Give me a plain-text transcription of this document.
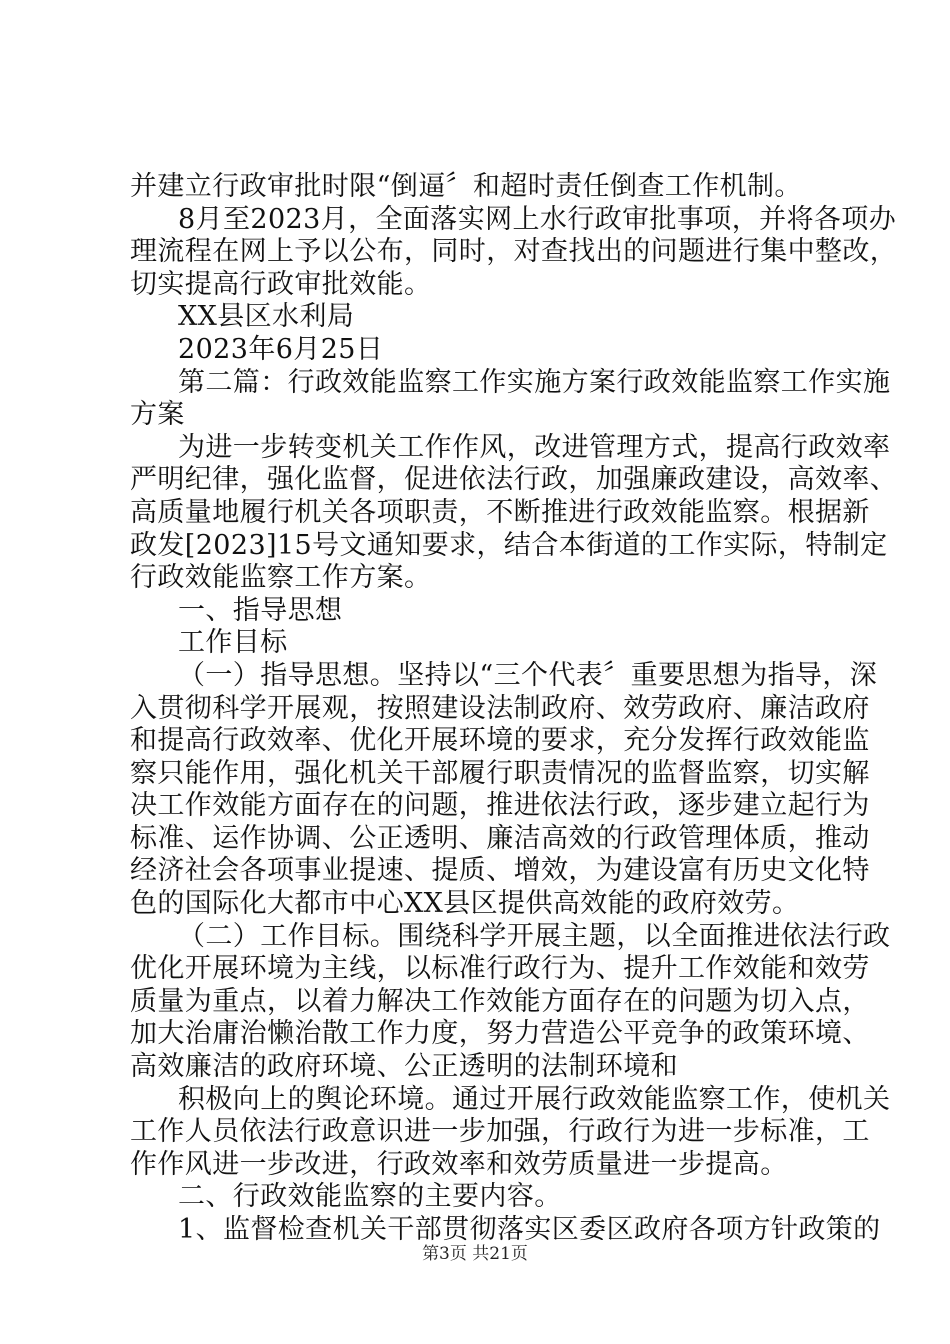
并建立行政审批时限“倒逼〞和超时责任倒查工作机制。
8月至2023月，全面落实网上水行政审批事项，并将各项办
理流程在网上予以公布，同时，对查找出的问题进行集中整改，
切实提高行政审批效能。
XX县区水利局
2023年6月25日
第二篇：行政效能监察工作实施方案行政效能监察工作实施
方案
为进一步转变机关工作作风，改进管理方式，提高行政效率
严明纪律，强化监督，促进依法行政，加强廉政建设，高效率、
高质量地履行机关各项职责，不断推进行政效能监察。根据新
政发[2023]15号文通知要求，结合本街道的工作实际，特制定
行政效能监察工作方案。
一、指导思想
工作目标
（一）指导思想。坚持以“三个代表〞重要思想为指导，深
入贯彻科学开展观，按照建设法制政府、效劳政府、廉洁政府
和提高行政效率、优化开展环境的要求，充分发挥行政效能监
察只能作用，强化机关干部履行职责情况的监督监察，切实解
决工作效能方面存在的问题，推进依法行政，逐步建立起行为
标准、运作协调、公正透明、廉洁高效的行政管理体质，推动
经济社会各项事业提速、提质、增效，为建设富有历史文化特
色的国际化大都市中心XX县区提供高效能的政府效劳。
（二）工作目标。围绕科学开展主题，以全面推进依法行政
优化开展环境为主线，以标准行政行为、提升工作效能和效劳
质量为重点，以着力解决工作效能方面存在的问题为切入点，
加大治庸治懒治散工作力度，努力营造公平竞争的政策环境、
高效廉洁的政府环境、公正透明的法制环境和
积极向上的舆论环境。通过开展行政效能监察工作，使机关
工作人员依法行政意识进一步加强，行政行为进一步标准，工
作作风进一步改进，行政效率和效劳质量进一步提高。
二、行政效能监察的主要内容。
1、监督检查机关干部贯彻落实区委区政府各项方针政策的
第3页 共21页
